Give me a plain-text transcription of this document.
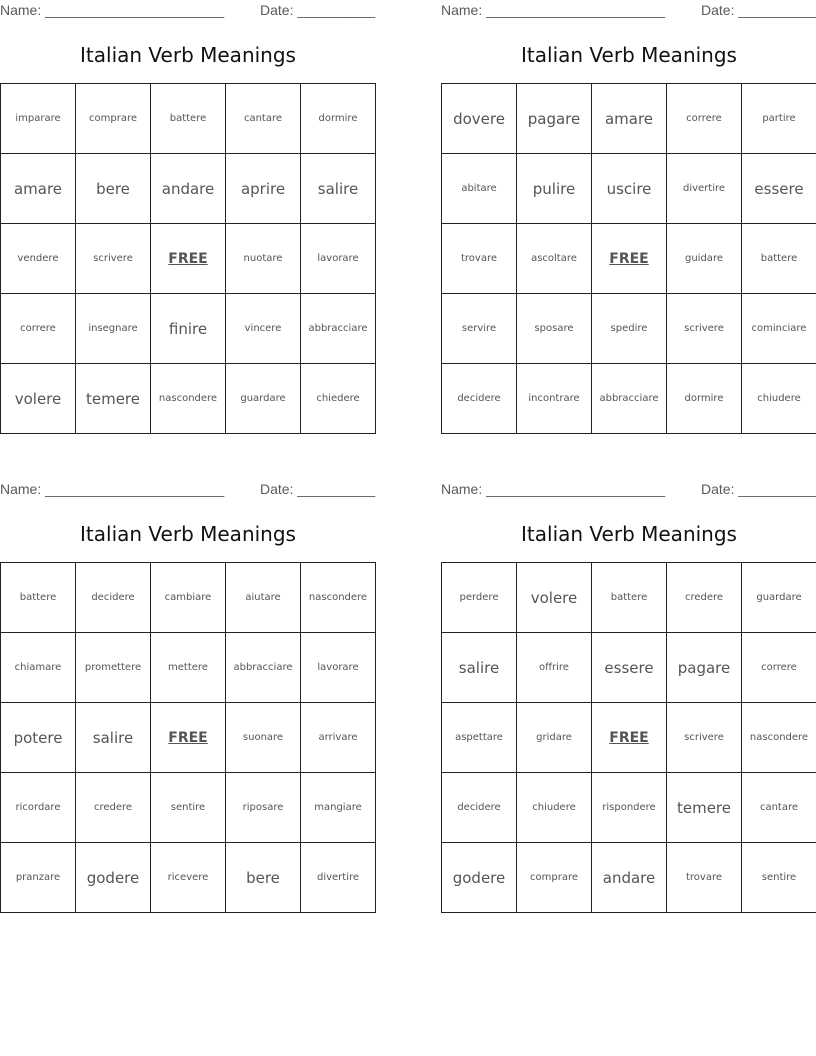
Name: _______________________	Date: __________
Italian Verb Meanings
imparare	comprare	battere	cantare	dormire
amare	bere	andare	aprire	salire
vendere	scrivere	FREE	nuotare	lavorare
correre	insegnare	finire	vincere	abbracciare
volere	temere	nascondere	guardare	chiedere
Name: _______________________	Date: __________
Italian Verb Meanings
dovere	pagare	amare	correre	partire
abitare	pulire	uscire	divertire	essere
trovare	ascoltare	FREE	guidare	battere
servire	sposare	spedire	scrivere	cominciare
decidere	incontrare	abbracciare	dormire	chiudere
Name: _______________________	Date: __________
Italian Verb Meanings
battere	decidere	cambiare	aiutare	nascondere
chiamare	promettere	mettere	abbracciare	lavorare
potere	salire	FREE	suonare	arrivare
ricordare	credere	sentire	riposare	mangiare
pranzare	godere	ricevere	bere	divertire
Name: _______________________	Date: __________
Italian Verb Meanings
perdere	volere	battere	credere	guardare
salire	offrire	essere	pagare	correre
aspettare	gridare	FREE	scrivere	nascondere
decidere	chiudere	rispondere	temere	cantare
godere	comprare	andare	trovare	sentire
